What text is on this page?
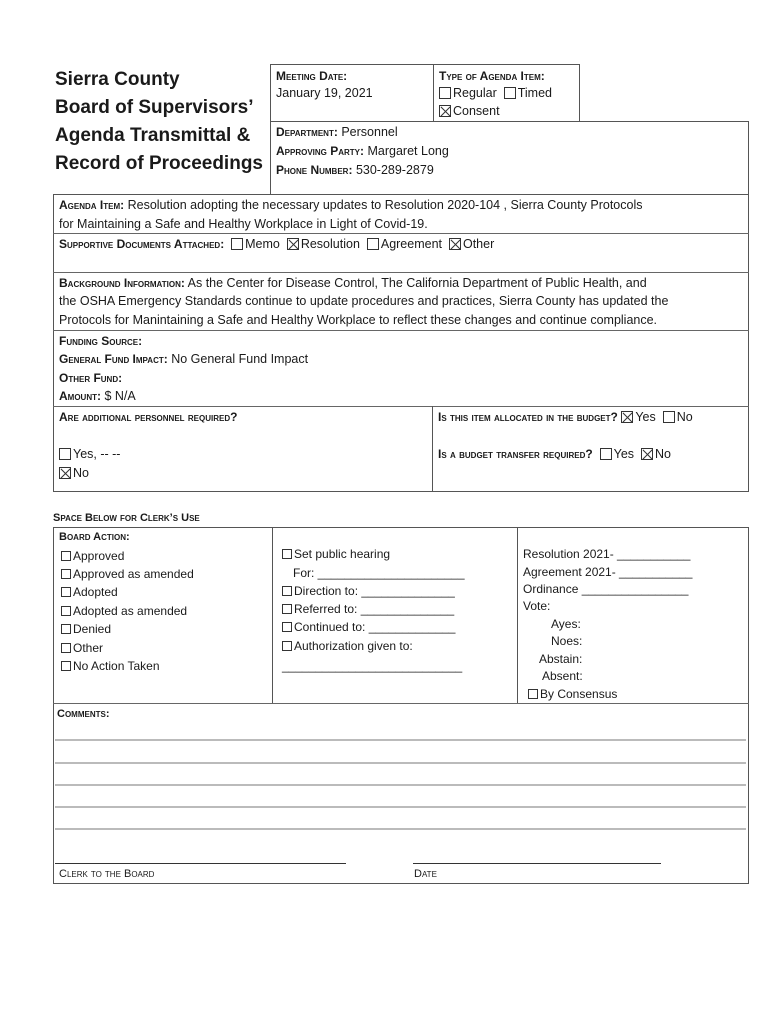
Sierra County
Board of Supervisors’
Agenda Transmittal &
Record of Proceedings
Meeting Date:
January 19, 2021
Type of Agenda Item:
Regular Timed
Consent
Department: Personnel
Approving Party: Margaret Long
Phone Number: 530-289-2879
Agenda Item: Resolution adopting the necessary updates to Resolution 2020-104 , Sierra County Protocols
for Maintaining a Safe and Healthy Workplace in Light of Covid-19.
Supportive Documents Attached: Memo Resolution Agreement Other
Background Information: As the Center for Disease Control, The California Department of Public Health, and
the OSHA Emergency Standards continue to update procedures and practices, Sierra County has updated the
Protocols for Manintaining a Safe and Healthy Workplace to reflect these changes and continue compliance.
Funding Source:
General Fund Impact: No General Fund Impact
Other Fund:
Amount: $ N/A
Are additional personnel required?
Yes, -- --
No
Is this item allocated in the budget? Yes No
Is a budget transfer required? Yes No
Space Below for Clerk’s Use
Board Action:
Approved
Approved as amended
Adopted
Adopted as amended
Denied
Other
No Action Taken
Set public hearing
For: ______________________
Direction to: ______________
Referred to: ______________
Continued to: _____________
Authorization given to:
___________________________
Resolution 2021- ___________
Agreement 2021- ___________
Ordinance ________________
Vote:
Ayes:
Noes:
Abstain:
Absent:
By Consensus
Comments:
Clerk to the Board	Date
